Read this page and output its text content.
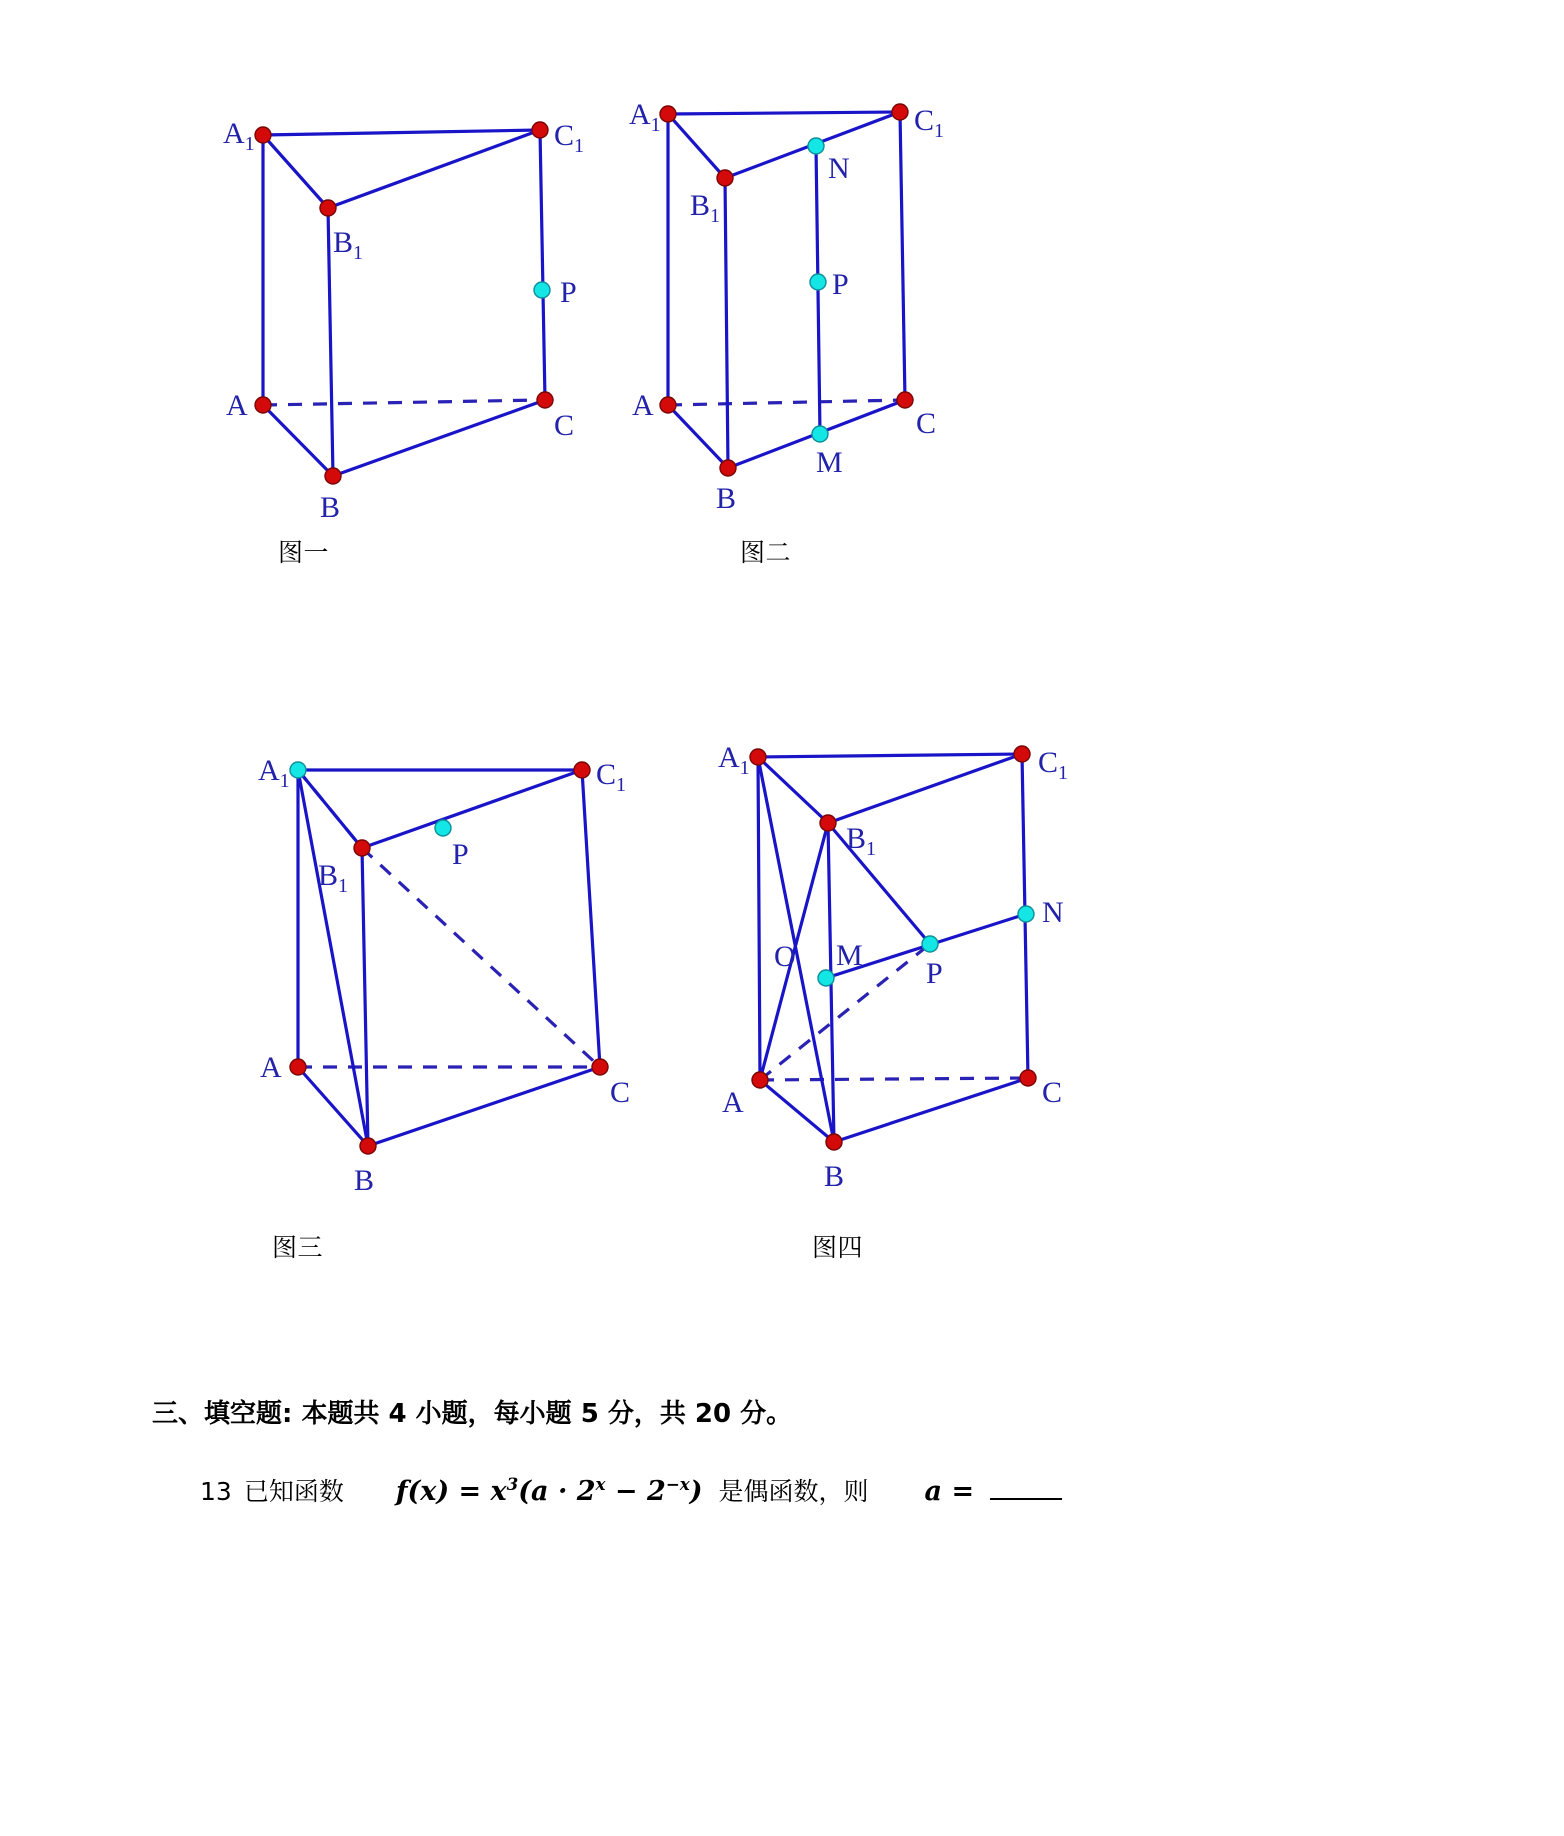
$A_1$
$B_1$
$C_1$
A
B
C
P
图一
$A_1$
$B_1$
$C_1$
A
B
C
N
P
M
图二
$A_1$
$B_1$
$C_1$
A
B
C
P
图三
$A_1$
$B_1$
$C_1$
A
B
C
O M
N
P
图四
三、填空题: 本题共 4 小题，每小题 5 分，共 20 分。
13 已知函数 $f(x) = x^3(a \cdot 2^x - 2^{-x})$ 是偶函数，则 a =
